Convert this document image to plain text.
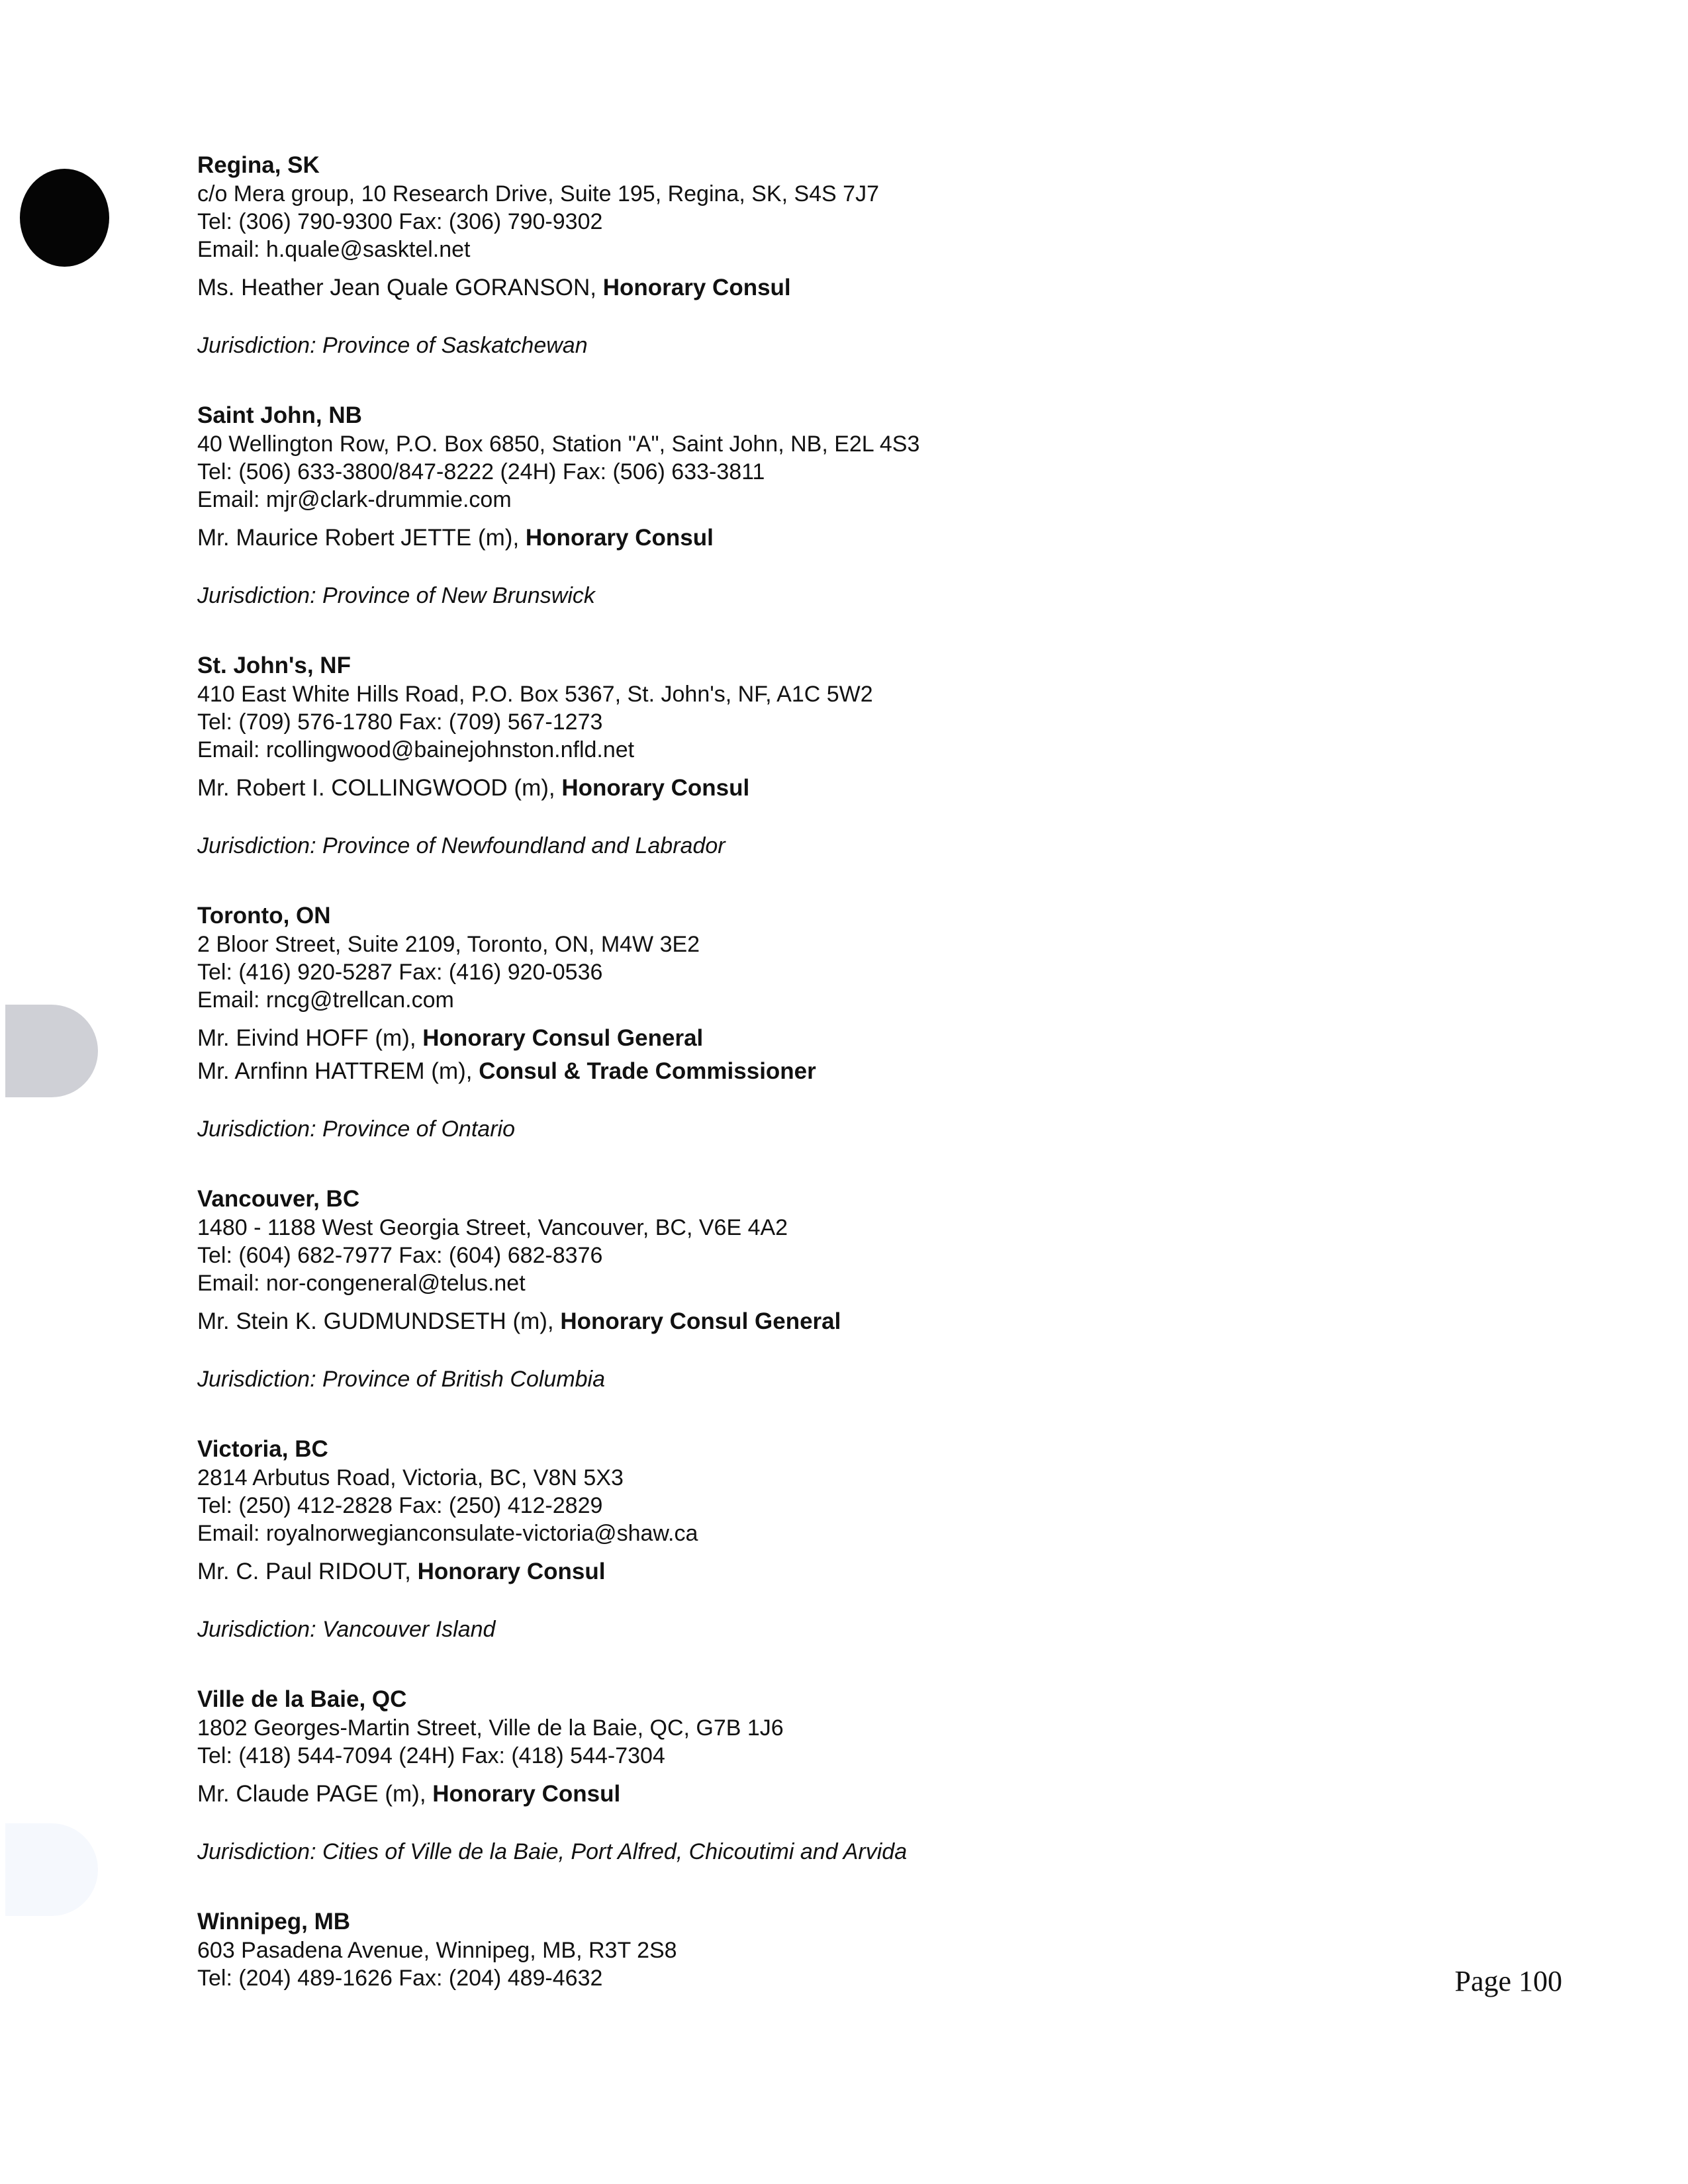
Regina, SK

c/o Mera group, 10 Research Drive, Suite 195, Regina, SK, S4S 7J7

Tel: (306) 790-9300 Fax: (306) 790-9302

Email: h.quale@sasktel.net

Ms. Heather Jean Quale GORANSON, Honorary Consul

Jurisdiction: Province of Saskatchewan

Saint John, NB

40 Wellington Row, P.O. Box 6850, Station "A", Saint John, NB, E2L 4S3

Tel: (506) 633-3800/847-8222 (24H) Fax: (506) 633-3811

Email: mjr@clark-drummie.com

Mr. Maurice Robert JETTE (m), Honorary Consul

Jurisdiction: Province of New Brunswick

St. John's, NF

410 East White Hills Road, P.O. Box 5367, St. John's, NF, A1C 5W2

Tel: (709) 576-1780 Fax: (709) 567-1273

Email: rcollingwood@bainejohnston.nfld.net

Mr. Robert I. COLLINGWOOD (m), Honorary Consul

Jurisdiction: Province of Newfoundland and Labrador

Toronto, ON

2 Bloor Street, Suite 2109, Toronto, ON, M4W 3E2

Tel: (416) 920-5287 Fax: (416) 920-0536

Email: rncg@trellcan.com

Mr. Eivind HOFF (m), Honorary Consul General

Mr. Arnfinn HATTREM (m), Consul & Trade Commissioner

Jurisdiction: Province of Ontario

Vancouver, BC

1480 - 1188 West Georgia Street, Vancouver, BC, V6E 4A2

Tel: (604) 682-7977 Fax: (604) 682-8376

Email: nor-congeneral@telus.net

Mr. Stein K. GUDMUNDSETH (m), Honorary Consul General

Jurisdiction: Province of British Columbia

Victoria, BC

2814 Arbutus Road, Victoria, BC, V8N 5X3

Tel: (250) 412-2828 Fax: (250) 412-2829

Email: royalnorwegianconsulate-victoria@shaw.ca

Mr. C. Paul RIDOUT, Honorary Consul

Jurisdiction: Vancouver Island

Ville de la Baie, QC

1802 Georges-Martin Street, Ville de la Baie, QC, G7B 1J6

Tel: (418) 544-7094 (24H) Fax: (418) 544-7304

Mr. Claude PAGE (m), Honorary Consul

Jurisdiction: Cities of Ville de la Baie, Port Alfred, Chicoutimi and Arvida

Winnipeg, MB

603 Pasadena Avenue, Winnipeg, MB, R3T 2S8

Tel: (204) 489-1626 Fax: (204) 489-4632	Page 100
